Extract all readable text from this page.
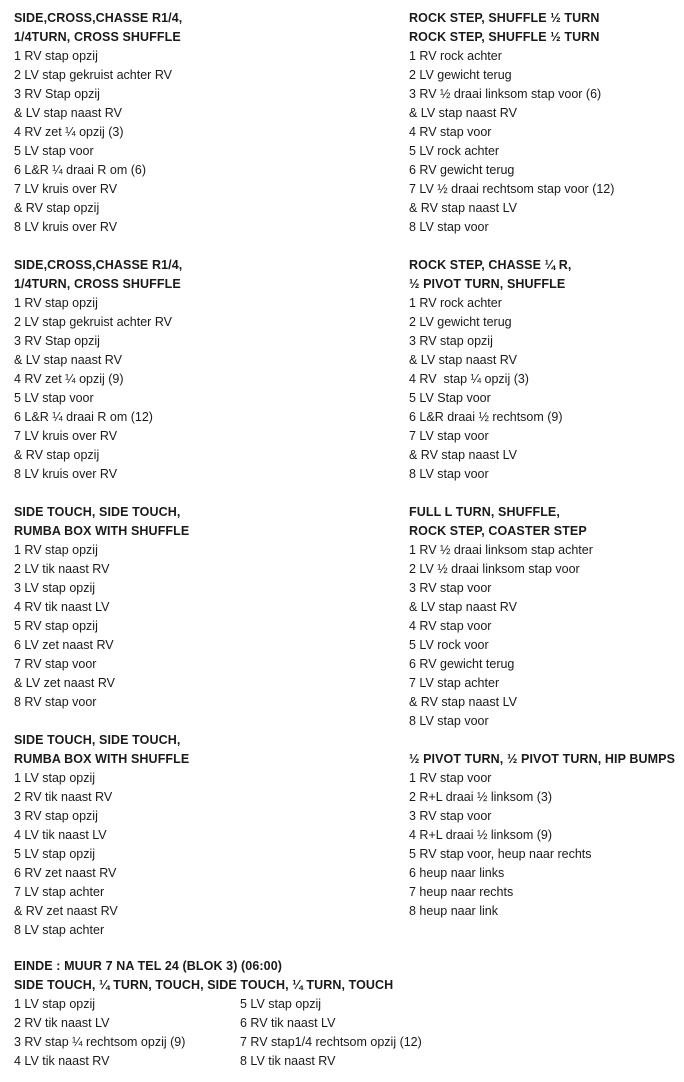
SIDE,CROSS,CHASSE R1/4,
1/4TURN, CROSS SHUFFLE
1 RV stap opzij
2 LV stap gekruist achter RV
3 RV Stap opzij
& LV stap naast RV
4 RV zet ¼ opzij (3)
5 LV stap voor
6 L&R ¼ draai R om (6)
7 LV kruis over RV
& RV stap opzij
8 LV kruis over RV
SIDE,CROSS,CHASSE R1/4,
1/4TURN, CROSS SHUFFLE
1 RV stap opzij
2 LV stap gekruist achter RV
3 RV Stap opzij
& LV stap naast RV
4 RV zet ¼ opzij (9)
5 LV stap voor
6 L&R ¼ draai R om (12)
7 LV kruis over RV
& RV stap opzij
8 LV kruis over RV
SIDE TOUCH, SIDE TOUCH,
RUMBA BOX WITH SHUFFLE
1 RV stap opzij
2 LV tik naast RV
3 LV stap opzij
4 RV tik naast LV
5 RV stap opzij
6 LV zet naast RV
7 RV stap voor
& LV zet naast RV
8 RV stap voor
SIDE TOUCH, SIDE TOUCH,
RUMBA BOX WITH SHUFFLE
1 LV stap opzij
2 RV tik naast RV
3 RV stap opzij
4 LV tik naast LV
5 LV stap opzij
6 RV zet naast RV
7 LV stap achter
& RV zet naast RV
8 LV stap achter
ROCK STEP, SHUFFLE ½ TURN
ROCK STEP, SHUFFLE ½ TURN
1 RV rock achter
2 LV gewicht terug
3 RV ½ draai linksom stap voor (6)
& LV stap naast RV
4 RV stap voor
5 LV rock achter
6 RV gewicht terug
7 LV ½ draai rechtsom stap voor (12)
& RV stap naast LV
8 LV stap voor
ROCK STEP, CHASSE ¼ R,
½ PIVOT TURN, SHUFFLE
1 RV rock achter
2 LV gewicht terug
3 RV stap opzij
& LV stap naast RV
4 RV  stap ¼ opzij (3)
5 LV Stap voor
6 L&R draai ½ rechtsom (9)
7 LV stap voor
& RV stap naast LV
8 LV stap voor
FULL L TURN, SHUFFLE,
ROCK STEP, COASTER STEP
1 RV ½ draai linksom stap achter
2 LV ½ draai linksom stap voor
3 RV stap voor
& LV stap naast RV
4 RV stap voor
5 LV rock voor
6 RV gewicht terug
7 LV stap achter
& RV stap naast LV
8 LV stap voor
½ PIVOT TURN, ½ PIVOT TURN, HIP BUMPS
1 RV stap voor
2 R+L draai ½ linksom (3)
3 RV stap voor
4 R+L draai ½ linksom (9)
5 RV stap voor, heup naar rechts
6 heup naar links
7 heup naar rechts
8 heup naar link
EINDE : MUUR 7 NA TEL 24 (BLOK 3) (06:00)
SIDE TOUCH, ¼ TURN, TOUCH, SIDE TOUCH, ¼ TURN, TOUCH
1 LV stap opzij
2 RV tik naast LV
3 RV stap ¼ rechtsom opzij (9)
4 LV tik naast RV
5 LV stap opzij
6 RV tik naast LV
7 RV stap1/4 rechtsom opzij (12)
8 LV tik naast RV
